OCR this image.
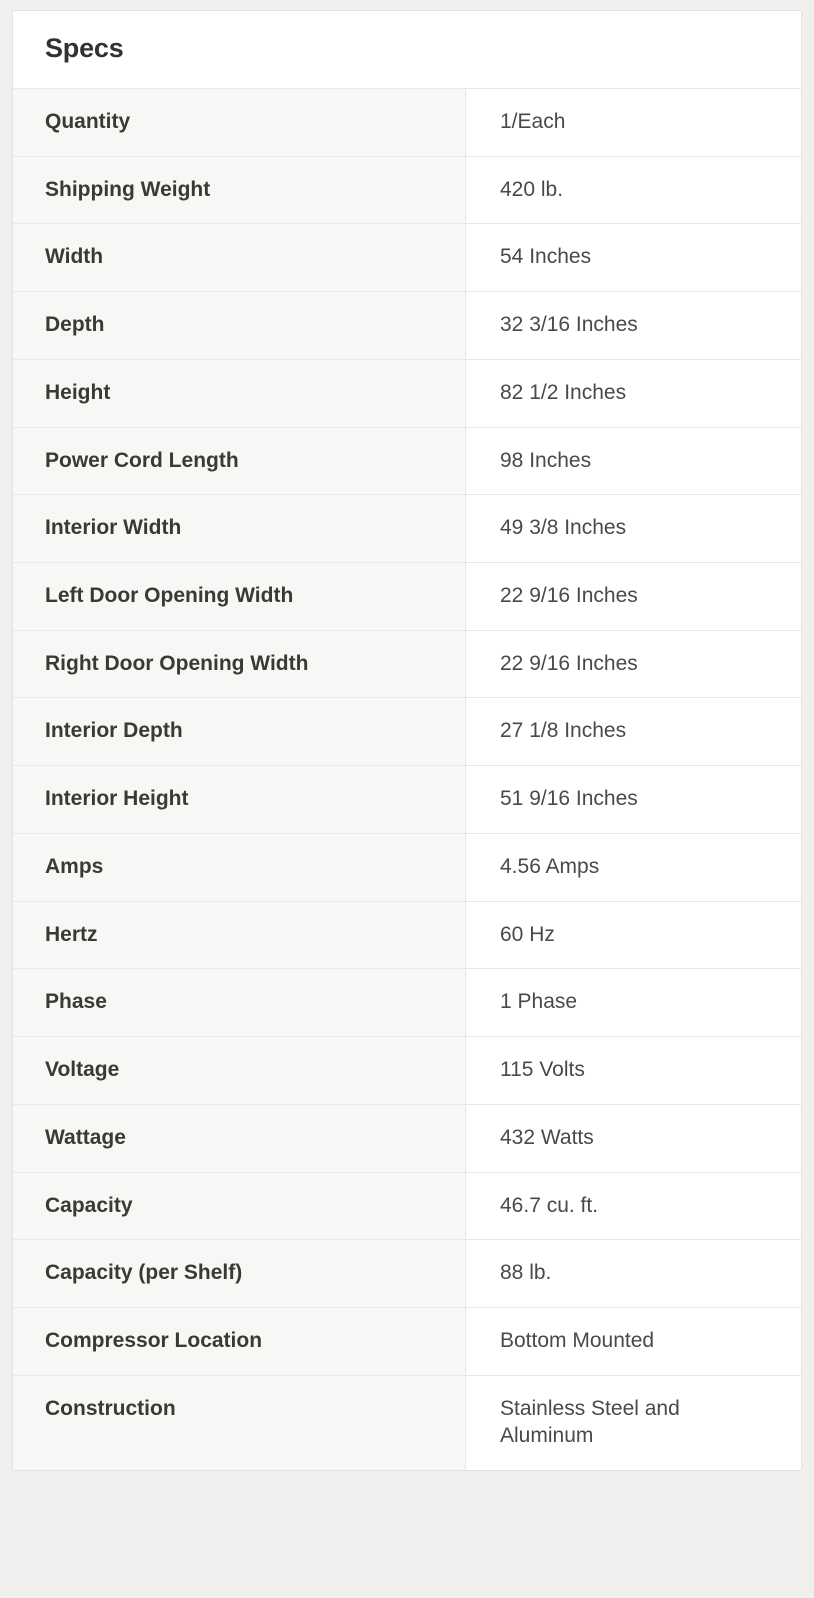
Specs
Quantity	1/Each
Shipping Weight	420 lb.
Width	54 Inches
Depth	32 3/16 Inches
Height	82 1/2 Inches
Power Cord Length	98 Inches
Interior Width	49 3/8 Inches
Left Door Opening Width	22 9/16 Inches
Right Door Opening Width	22 9/16 Inches
Interior Depth	27 1/8 Inches
Interior Height	51 9/16 Inches
Amps	4.56 Amps
Hertz	60 Hz
Phase	1 Phase
Voltage	115 Volts
Wattage	432 Watts
Capacity	46.7 cu. ft.
Capacity (per Shelf)	88 lb.
Compressor Location	Bottom Mounted
Construction	Stainless Steel and Aluminum
